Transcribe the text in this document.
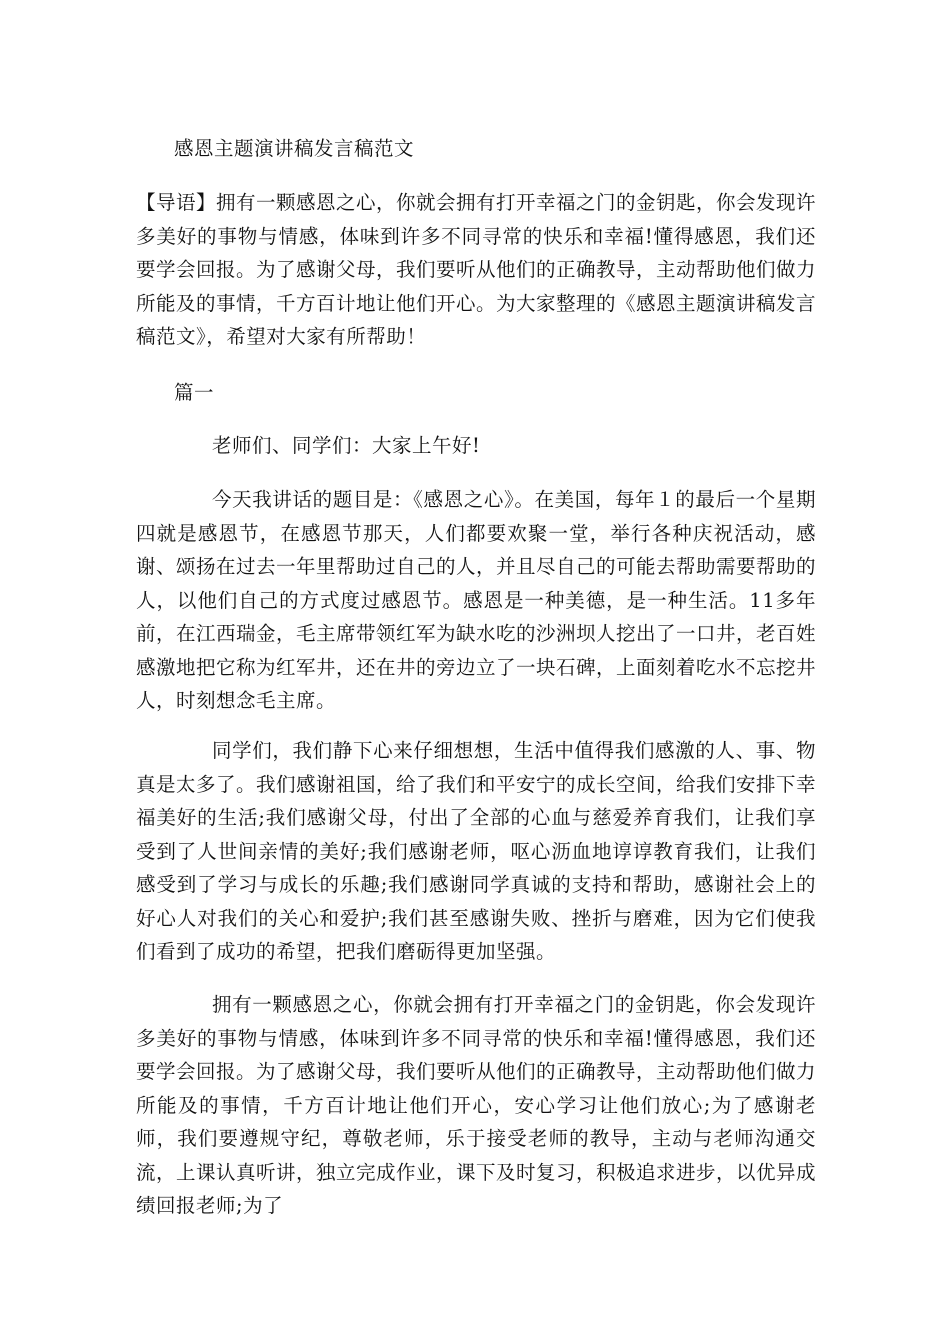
感恩主题演讲稿发言稿范文

【导语】拥有一颗感恩之心，你就会拥有打开幸福之门的金钥匙，你会发现许多美好的事物与情感，体味到许多不同寻常的快乐和幸福!懂得感恩，我们还要学会回报。为了感谢父母，我们要听从他们的正确教导，主动帮助他们做力所能及的事情，千方百计地让他们开心。为大家整理的《感恩主题演讲稿发言稿范文》，希望对大家有所帮助！

篇一

老师们、同学们：大家上午好!

今天我讲话的题目是：《感恩之心》。在美国，每年１的最后一个星期四就是感恩节，在感恩节那天，人们都要欢聚一堂，举行各种庆祝活动，感谢、颂扬在过去一年里帮助过自己的人，并且尽自己的可能去帮助需要帮助的人，以他们自己的方式度过感恩节。感恩是一种美德，是一种生活。11多年前，在江西瑞金，毛主席带领红军为缺水吃的沙洲坝人挖出了一口井，老百姓感激地把它称为红军井，还在井的旁边立了一块石碑，上面刻着吃水不忘挖井人，时刻想念毛主席。

同学们，我们静下心来仔细想想，生活中值得我们感激的人、事、物真是太多了。我们感谢祖国，给了我们和平安宁的成长空间，给我们安排下幸福美好的生活;我们感谢父母，付出了全部的心血与慈爱养育我们，让我们享受到了人世间亲情的美好;我们感谢老师，呕心沥血地谆谆教育我们，让我们感受到了学习与成长的乐趣;我们感谢同学真诚的支持和帮助，感谢社会上的好心人对我们的关心和爱护;我们甚至感谢失败、挫折与磨难，因为它们使我们看到了成功的希望，把我们磨砺得更加坚强。

拥有一颗感恩之心，你就会拥有打开幸福之门的金钥匙，你会发现许多美好的事物与情感，体味到许多不同寻常的快乐和幸福!懂得感恩，我们还要学会回报。为了感谢父母，我们要听从他们的正确教导，主动帮助他们做力所能及的事情，千方百计地让他们开心，安心学习让他们放心;为了感谢老师，我们要遵规守纪，尊敬老师，乐于接受老师的教导，主动与老师沟通交流，上课认真听讲，独立完成作业，课下及时复习，积极追求进步，以优异成绩回报老师;为了
